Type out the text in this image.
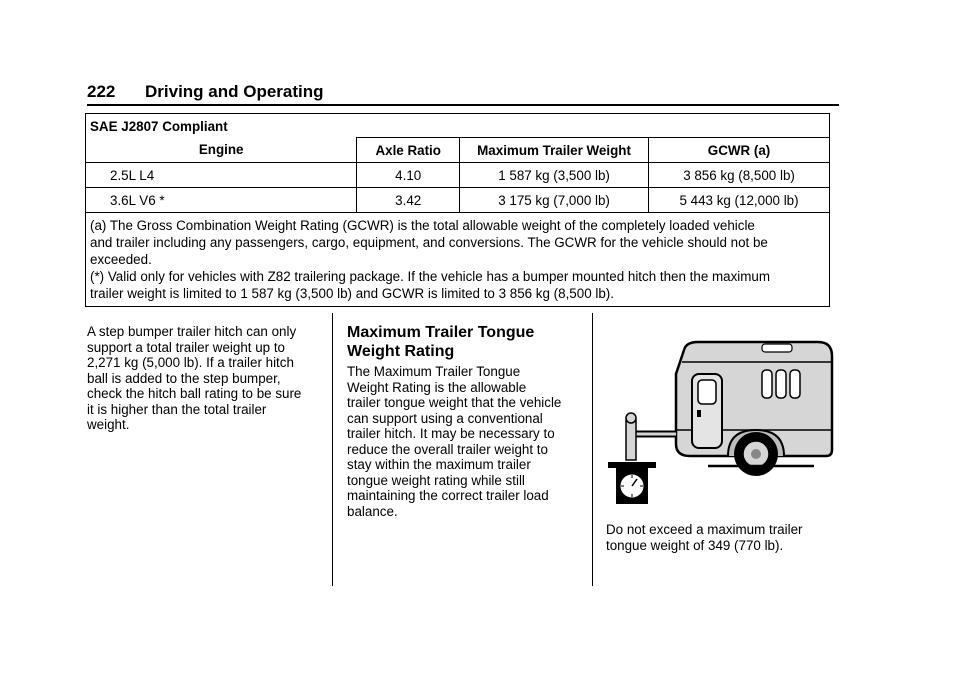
222 Driving and Operating
SAE J2807 Compliant			
Engine	Axle Ratio	Maximum Trailer Weight	GCWR (a)
2.5L L4	4.10	1 587 kg (3,500 lb)	3 856 kg (8,500 lb)
3.6L V6 *	3.42	3 175 kg (7,000 lb)	5 443 kg (12,000 lb)

(a) The Gross Combination Weight Rating (GCWR) is the total allowable weight of the completely loaded vehicle
and trailer including any passengers, cargo, equipment, and conversions. The GCWR for the vehicle should not be
exceeded.
(*) Valid only for vehicles with Z82 trailering package. If the vehicle has a bumper mounted hitch then the maximum
trailer weight is limited to 1 587 kg (3,500 lb) and GCWR is limited to 3 856 kg (8,500 lb).			
A step bumper trailer hitch can only
support a total trailer weight up to
2,271 kg (5,000 lb). If a trailer hitch
ball is added to the step bumper,
check the hitch ball rating to be sure
it is higher than the total trailer
weight.
Maximum Trailer Tongue
Weight Rating
The Maximum Trailer Tongue
Weight Rating is the allowable
trailer tongue weight that the vehicle
can support using a conventional
trailer hitch. It may be necessary to
reduce the overall trailer weight to
stay within the maximum trailer
tongue weight rating while still
maintaining the correct trailer load
balance.
Do not exceed a maximum trailer
tongue weight of 349 (770 lb).
